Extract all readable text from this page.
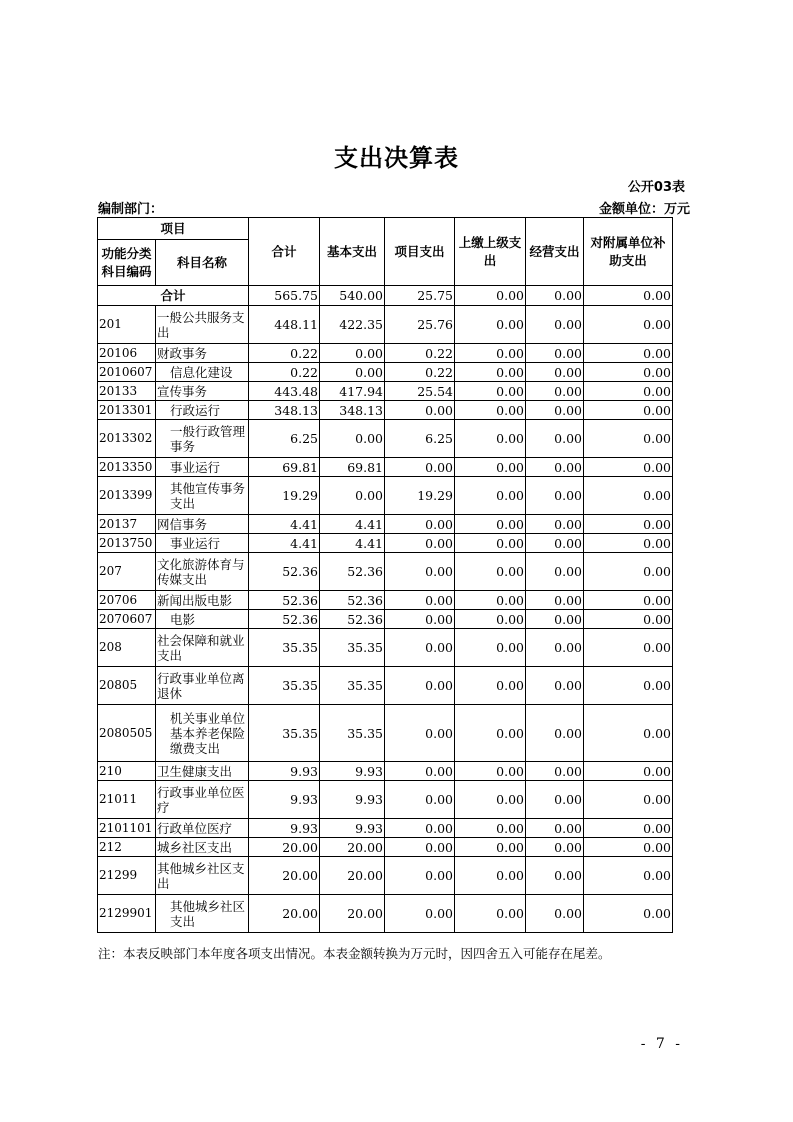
支出决算表
公开03表
编制部门：	金额单位：万元
项目		合计	基本支出	项目支出	上缴上级支出	经营支出	对附属单位补助支出
功能分类科目编码	科目名称						
合计		565.75	540.00	25.75	0.00	0.00	0.00
201	一般公共服务支出	448.11	422.35	25.76	0.00	0.00	0.00
20106	财政事务	0.22	0.00	0.22	0.00	0.00	0.00
2010607	信息化建设	0.22	0.00	0.22	0.00	0.00	0.00
20133	宣传事务	443.48	417.94	25.54	0.00	0.00	0.00
2013301	行政运行	348.13	348.13	0.00	0.00	0.00	0.00
2013302	一般行政管理事务	6.25	0.00	6.25	0.00	0.00	0.00
2013350	事业运行	69.81	69.81	0.00	0.00	0.00	0.00
2013399	其他宣传事务支出	19.29	0.00	19.29	0.00	0.00	0.00
20137	网信事务	4.41	4.41	0.00	0.00	0.00	0.00
2013750	事业运行	4.41	4.41	0.00	0.00	0.00	0.00
207	文化旅游体育与传媒支出	52.36	52.36	0.00	0.00	0.00	0.00
20706	新闻出版电影	52.36	52.36	0.00	0.00	0.00	0.00
2070607	电影	52.36	52.36	0.00	0.00	0.00	0.00
208	社会保障和就业支出	35.35	35.35	0.00	0.00	0.00	0.00
20805	行政事业单位离退休	35.35	35.35	0.00	0.00	0.00	0.00
2080505	机关事业单位基本养老保险缴费支出	35.35	35.35	0.00	0.00	0.00	0.00
210	卫生健康支出	9.93	9.93	0.00	0.00	0.00	0.00
21011	行政事业单位医疗	9.93	9.93	0.00	0.00	0.00	0.00
2101101	行政单位医疗	9.93	9.93	0.00	0.00	0.00	0.00
212	城乡社区支出	20.00	20.00	0.00	0.00	0.00	0.00
21299	其他城乡社区支出	20.00	20.00	0.00	0.00	0.00	0.00
2129901	其他城乡社区支出	20.00	20.00	0.00	0.00	0.00	0.00
注：本表反映部门本年度各项支出情况。本表金额转换为万元时，因四舍五入可能存在尾差。
- 7 -
